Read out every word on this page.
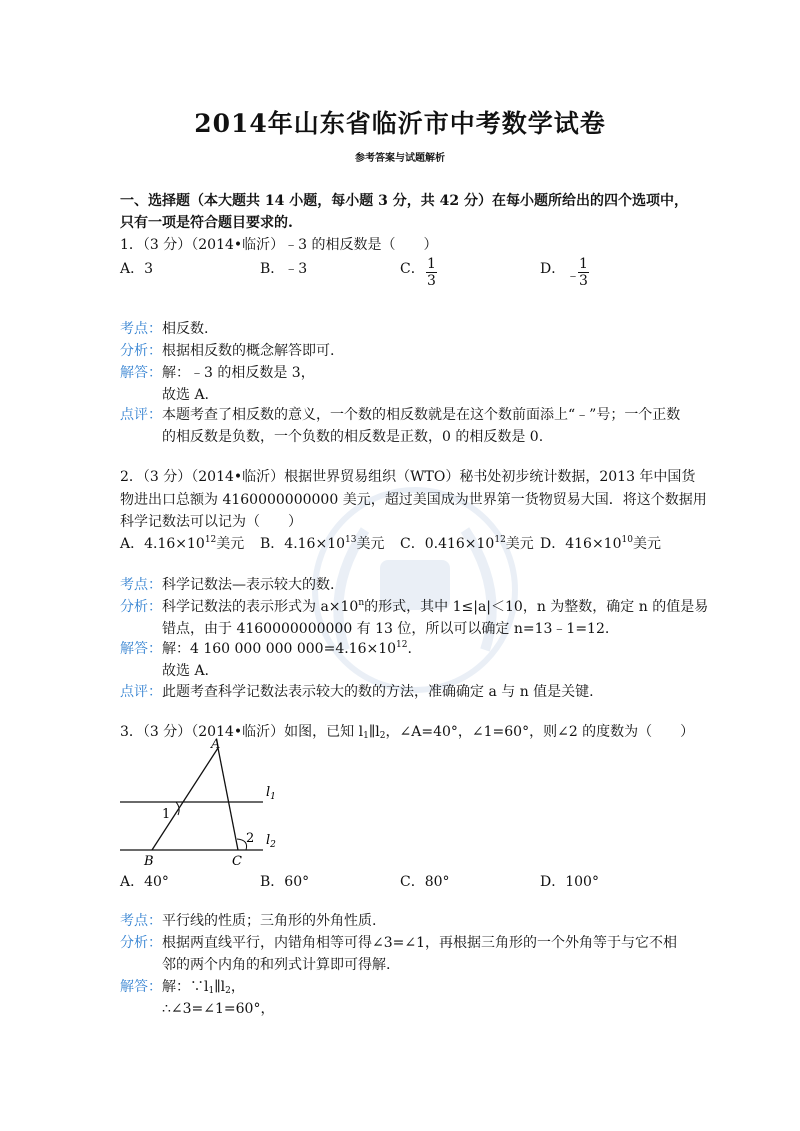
2014年山东省临沂市中考数学试卷
参考答案与试题解析
一、选择题（本大题共 14 小题，每小题 3 分，共 42 分）在每小题所给出的四个选项中，
只有一项是符合题目要求的.
1．（3 分）（2014•临沂）﹣3 的相反数是（　　）
A．3	B．﹣3	C． $\frac{1}{3}$	D． ﹣
$\frac{1}{3}$
考点：相反数.
分析：根据相反数的概念解答即可.
解答：解：﹣3 的相反数是 3，
故选 A.
点评：本题考查了相反数的意义，一个数的相反数就是在这个数前面添上“﹣”号；一个正数
的相反数是负数，一个负数的相反数是正数，0 的相反数是 0.
2．（3 分）（2014•临沂）根据世界贸易组织（WTO）秘书处初步统计数据，2013 年中国货
物进出口总额为 4160000000000 美元，超过美国成为世界第一货物贸易大国．将这个数据用
科学记数法可以记为（　　）
A．$4.16\times 10^{12}$美元 B．$4.16\times 10^{13}$美元 C．$0.416\times 10^{12}$美元 D．$416\times 10^{10}$美元
考点：科学记数法—表示较大的数.
分析：科学记数法的表示形式为 $a\times 10^n$的形式，其中 1≤|a|＜10，n 为整数，确定 n 的值是易
错点，由于 4160000000000 有 13 位，所以可以确定 n=13﹣1=12.
解答：解：4 160 000 000 $000=4.16\times 10^{12}$.
故选 A.
点评：此题考查科学记数法表示较大的数的方法，准确确定 a 与 n 值是关键.
3．（3 分）（2014•临沂）如图，已知 $l_1\parallel l_2$，∠A=40°，∠1=60°，则∠2 的度数为（　　）
A
B	C
1
2
$l_1$
$l_2$
A．40°	B．60°	C．80°	D．100°
考点：平行线的性质；三角形的外角性质.
分析：根据两直线平行，内错角相等可得∠3=∠1，再根据三角形的一个外角等于与它不相
邻的两个内角的和列式计算即可得解.
解答：解：$\because l_1\parallel l_2$，
∴∠3=∠1=60°，
